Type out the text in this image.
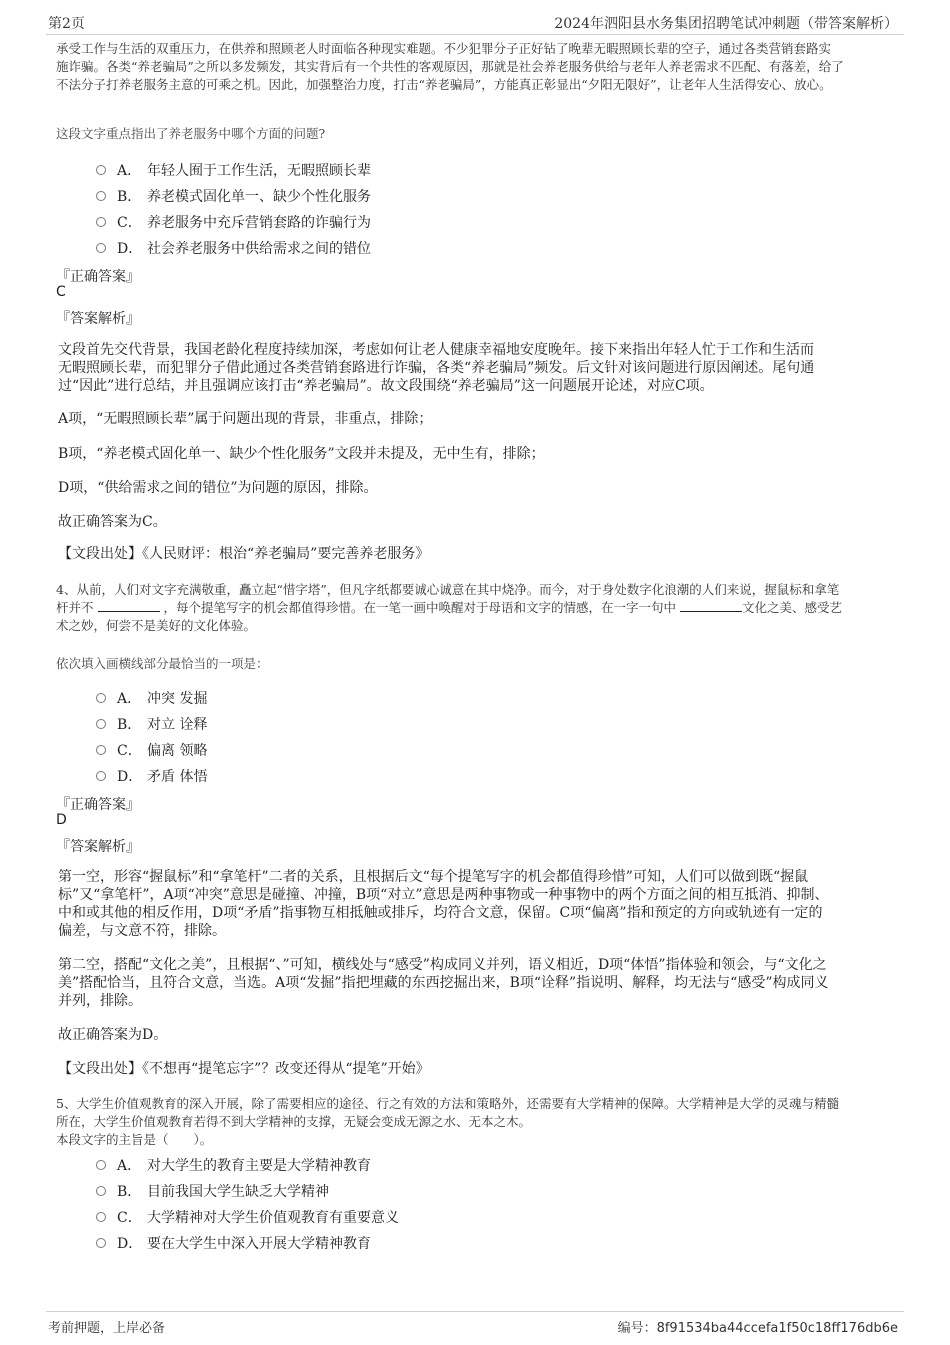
第2页	2024年泗阳县水务集团招聘笔试冲刺题（带答案解析）
承受工作与生活的双重压力，在供养和照顾老人时面临各种现实难题。不少犯罪分子正好钻了晚辈无暇照顾长辈的空子，通过各类营销套路实
施诈骗。各类“养老骗局”之所以多发频发，其实背后有一个共性的客观原因，那就是社会养老服务供给与老年人养老需求不匹配、有落差，给了
不法分子打养老服务主意的可乘之机。因此，加强整治力度，打击“养老骗局”，方能真正彰显出“夕阳无限好”，让老年人生活得安心、放心。
这段文字重点指出了养老服务中哪个方面的问题?
A． 年轻人囿于工作生活，无暇照顾长辈
B． 养老模式固化单一、缺少个性化服务
C． 养老服务中充斥营销套路的诈骗行为
D． 社会养老服务中供给需求之间的错位
『正确答案』
C
『答案解析』
文段首先交代背景，我国老龄化程度持续加深，考虑如何让老人健康幸福地安度晚年。接下来指出年轻人忙于工作和生活而
无暇照顾长辈，而犯罪分子借此通过各类营销套路进行诈骗，各类“养老骗局”频发。后文针对该问题进行原因阐述。尾句通
过“因此”进行总结，并且强调应该打击“养老骗局”。故文段围绕“养老骗局”这一问题展开论述，对应C项。
A项，“无暇照顾长辈”属于问题出现的背景，非重点，排除；
B项，“养老模式固化单一、缺少个性化服务”文段并未提及，无中生有，排除；
D项，“供给需求之间的错位”为问题的原因，排除。
故正确答案为C。
【文段出处】《人民财评：根治“养老骗局”要完善养老服务》
4、从前，人们对文字充满敬重，矗立起“惜字塔”，但凡字纸都要诚心诚意在其中烧净。而今，对于身处数字化浪潮的人们来说，握鼠标和拿笔
杆并不	，每个提笔写字的机会都值得珍惜。在一笔一画中唤醒对于母语和文字的情感，在一字一句中	文化之美、感受艺
术之妙，何尝不是美好的文化体验。
依次填入画横线部分最恰当的一项是：
A． 冲突 发掘
B． 对立 诠释
C． 偏离 领略
D． 矛盾 体悟
『正确答案』
D
『答案解析』
第一空，形容“握鼠标”和“拿笔杆”二者的关系，且根据后文“每个提笔写字的机会都值得珍惜”可知，人们可以做到既“握鼠
标”又“拿笔杆”，A项“冲突”意思是碰撞、冲撞，B项“对立”意思是两种事物或一种事物中的两个方面之间的相互抵消、抑制、
中和或其他的相反作用，D项“矛盾”指事物互相抵触或排斥，均符合文意，保留。C项“偏离”指和预定的方向或轨迹有一定的
偏差，与文意不符，排除。
第二空，搭配“文化之美”，且根据“、”可知，横线处与“感受”构成同义并列，语义相近，D项“体悟”指体验和领会，与“文化之
美”搭配恰当，且符合文意，当选。A项“发掘”指把埋藏的东西挖掘出来，B项“诠释”指说明、解释，均无法与“感受”构成同义
并列，排除。
故正确答案为D。
【文段出处】《不想再“提笔忘字”？改变还得从“提笔”开始》
5、大学生价值观教育的深入开展，除了需要相应的途径、行之有效的方法和策略外，还需要有大学精神的保障。大学精神是大学的灵魂与精髓
所在，大学生价值观教育若得不到大学精神的支撑，无疑会变成无源之水、无本之木。
本段文字的主旨是（　　）。
A． 对大学生的教育主要是大学精神教育
B． 目前我国大学生缺乏大学精神
C． 大学精神对大学生价值观教育有重要意义
D． 要在大学生中深入开展大学精神教育
考前押题，上岸必备	编号：8f91534ba44ccefa1f50c18ff176db6e
